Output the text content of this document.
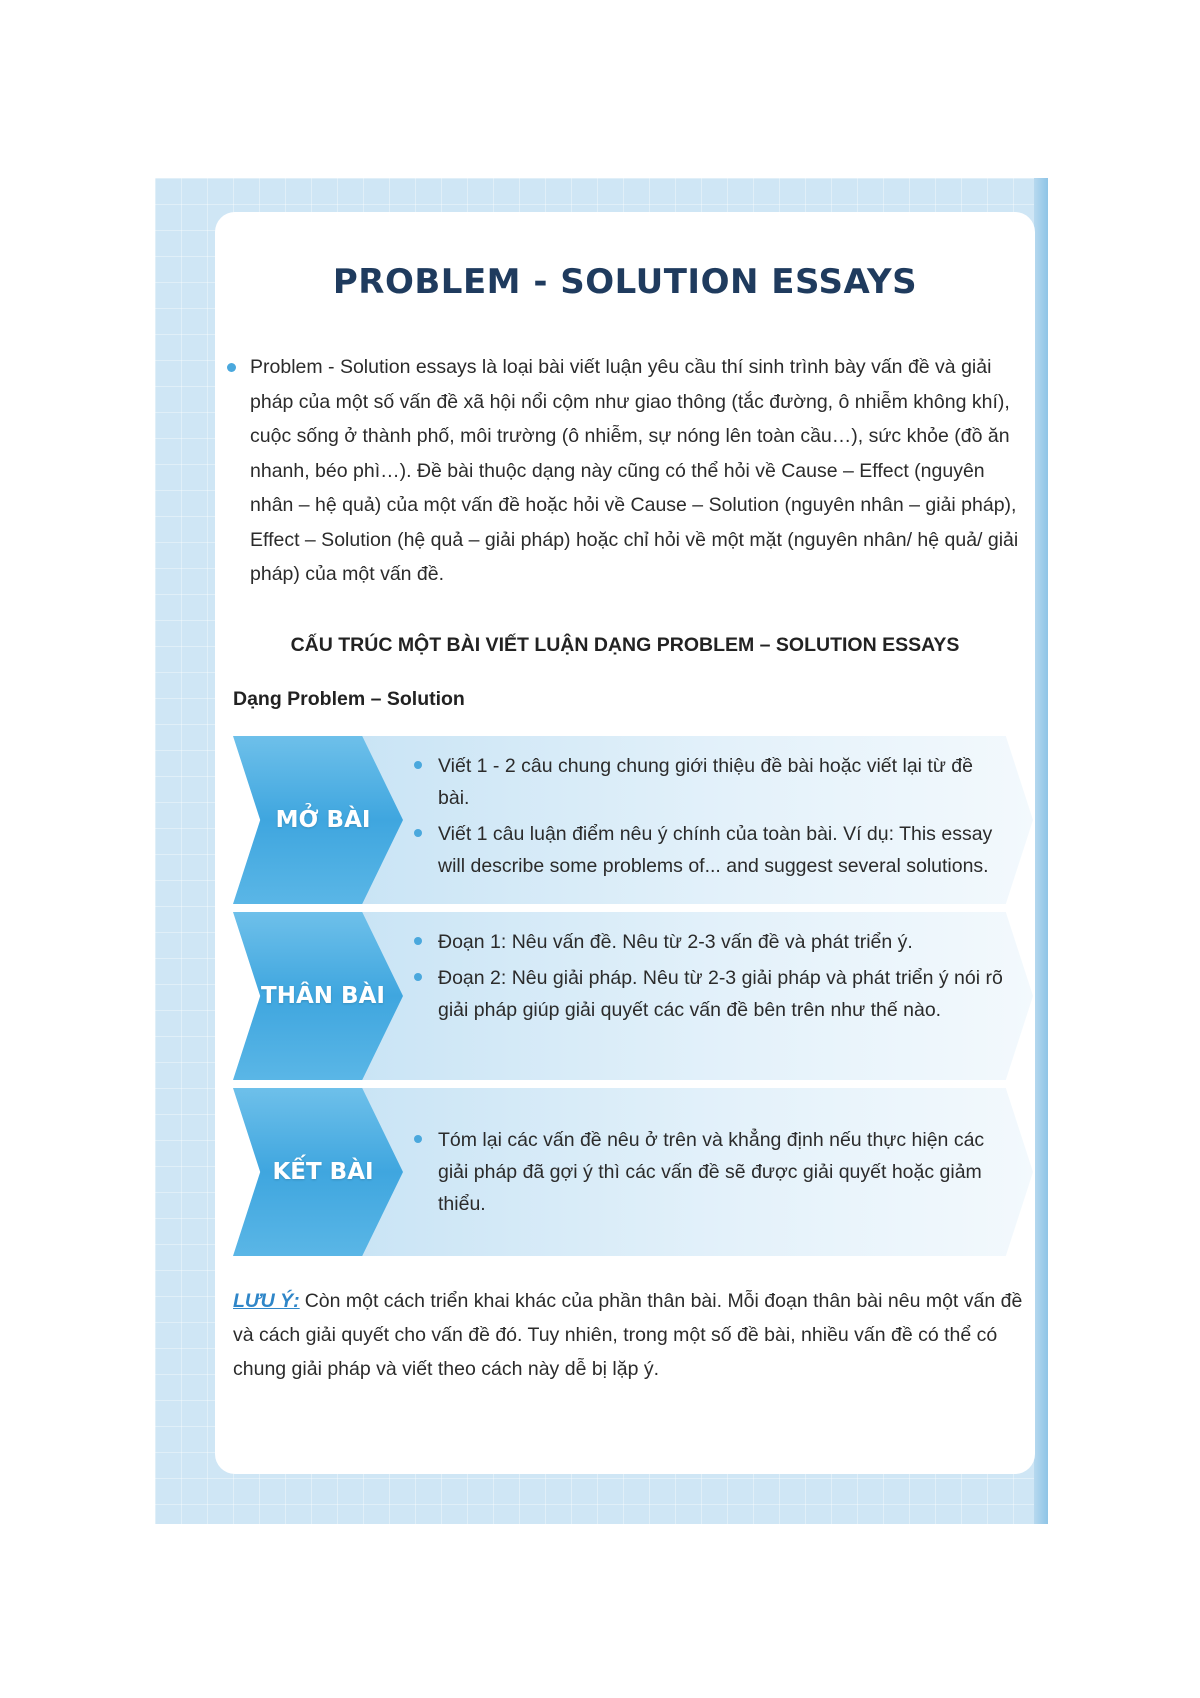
PROBLEM - SOLUTION ESSAYS
Problem - Solution essays là loại bài viết luận yêu cầu thí sinh trình bày vấn đề và giải pháp của một số vấn đề xã hội nổi cộm như giao thông (tắc đường, ô nhiễm không khí), cuộc sống ở thành phố, môi trường (ô nhiễm, sự nóng lên toàn cầu…), sức khỏe (đồ ăn nhanh, béo phì…). Đề bài thuộc dạng này cũng có thể hỏi về Cause – Effect (nguyên nhân – hệ quả) của một vấn đề hoặc hỏi về Cause – Solution (nguyên nhân – giải pháp), Effect – Solution (hệ quả – giải pháp) hoặc chỉ hỏi về một mặt (nguyên nhân/ hệ quả/ giải pháp) của một vấn đề.
CẤU TRÚC MỘT BÀI VIẾT LUẬN DẠNG PROBLEM – SOLUTION ESSAYS
Dạng Problem – Solution
MỞ BÀI
Viết 1 - 2 câu chung chung giới thiệu đề bài hoặc viết lại từ đề bài.
Viết 1 câu luận điểm nêu ý chính của toàn bài. Ví dụ: This essay will describe some problems of... and suggest several solutions.
THÂN BÀI
Đoạn 1: Nêu vấn đề. Nêu từ 2-3 vấn đề và phát triển ý.
Đoạn 2: Nêu giải pháp. Nêu từ 2-3 giải pháp và phát triển ý nói rõ giải pháp giúp giải quyết các vấn đề bên trên như thế nào.
KẾT BÀI
Tóm lại các vấn đề nêu ở trên và khẳng định nếu thực hiện các giải pháp đã gợi ý thì các vấn đề sẽ được giải quyết hoặc giảm thiểu.
LƯU Ý: Còn một cách triển khai khác của phần thân bài. Mỗi đoạn thân bài nêu một vấn đề và cách giải quyết cho vấn đề đó. Tuy nhiên, trong một số đề bài, nhiều vấn đề có thể có chung giải pháp và viết theo cách này dễ bị lặp ý.
